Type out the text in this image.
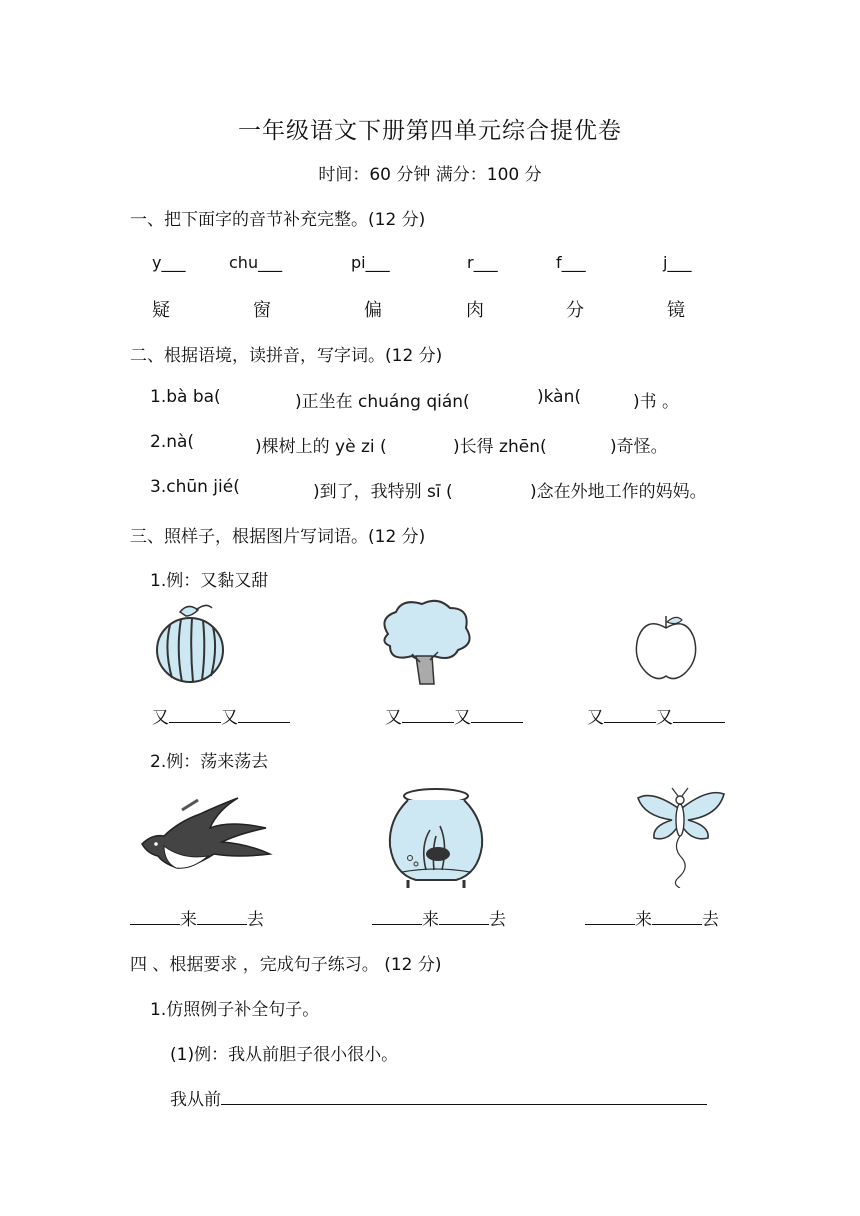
一年级语文下册第四单元综合提优卷
时间：60 分钟 满分：100 分
一、把下面字的音节补充完整。(12 分)
y___	chu___	pi___	r___	f___	j___
疑	窗	偏	肉	分	镜
二、根据语境，读拼音，写字词。(12 分)
1.bà ba(	)正坐在 chuáng qián(	)kàn(	)书 。
2.nà(	)棵树上的 yè zi (	)长得 zhēn(	)奇怪。
3.chūn jié(	)到了，我特别 sī (	)念在外地工作的妈妈。
三、照样子，根据图片写词语。(12 分)
1.例：又黏又甜
又	又	又	又	又	又
2.例：荡来荡去
来	去	来	去	来	去
四 、根据要求 ，完成句子练习。 (12 分)
1.仿照例子补全句子。
(1)例：我从前胆子很小很小。
我从前
